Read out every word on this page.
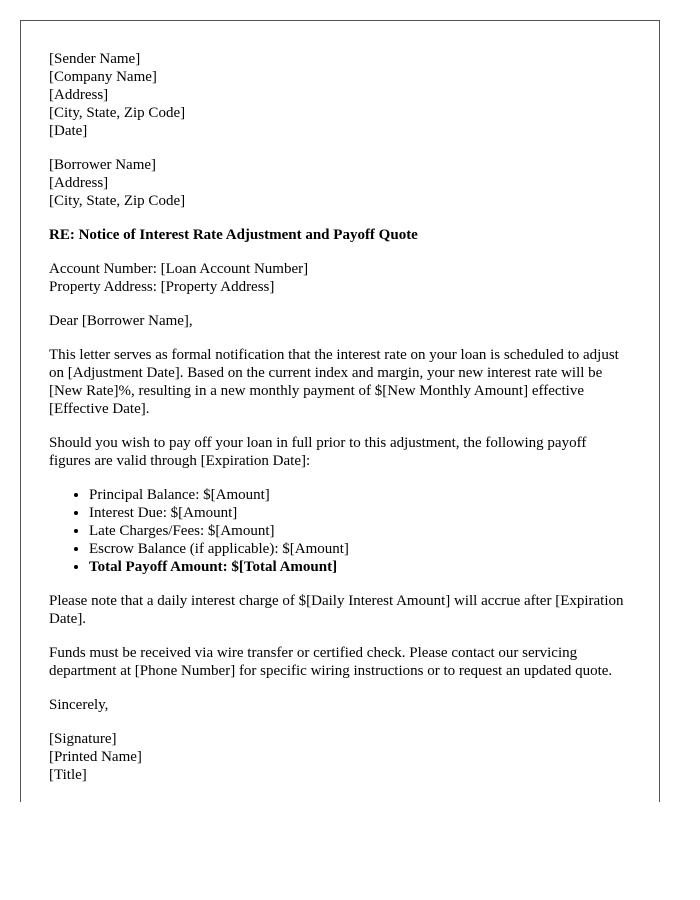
[Sender Name]
[Company Name]
[Address]
[City, State, Zip Code]
[Date]
[Borrower Name]
[Address]
[City, State, Zip Code]
RE: Notice of Interest Rate Adjustment and Payoff Quote
Account Number: [Loan Account Number]
Property Address: [Property Address]

Dear [Borrower Name],

This letter serves as formal notification that the interest rate on your loan is scheduled to adjust on [Adjustment Date]. Based on the current index and margin, your new interest rate will be [New Rate]%, resulting in a new monthly payment of $[New Monthly Amount] effective [Effective Date].

Should you wish to pay off your loan in full prior to this adjustment, the following payoff figures are valid through [Expiration Date]:

• Principal Balance: $[Amount]
• Interest Due: $[Amount]
• Late Charges/Fees: $[Amount]
• Escrow Balance (if applicable): $[Amount]
• Total Payoff Amount: $[Total Amount]

Please note that a daily interest charge of $[Daily Interest Amount] will accrue after [Expiration Date].

Funds must be received via wire transfer or certified check. Please contact our servicing department at [Phone Number] for specific wiring instructions or to request an updated quote.

Sincerely,

[Signature]
[Printed Name]
[Title]
